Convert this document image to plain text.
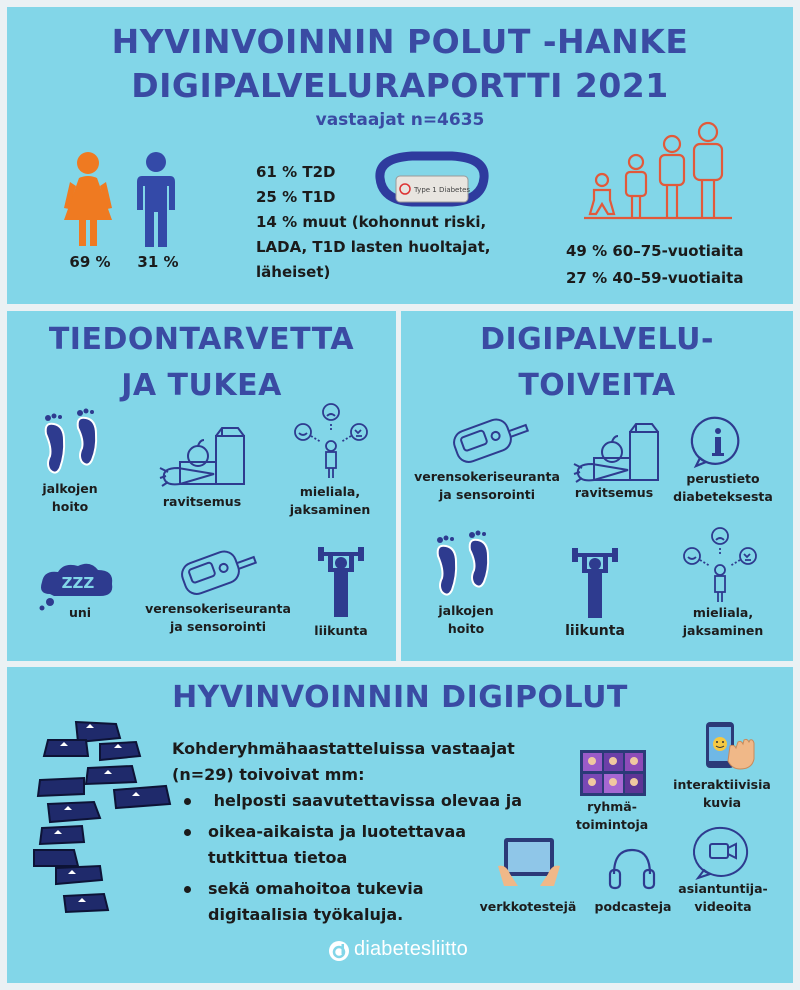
HYVINVOINNIN POLUT -HANKE
DIGIPALVELURAPORTTI 2021
vastaajat n=4635
69 %	31 %
61 % T2D
25 % T1D
14 % muut (kohonnut riski,
LADA, T1D lasten huoltajat,
läheiset)
Type 1 Diabetes
49 % 60–75-vuotiaita
27 % 40–59-vuotiaita
TIEDONTARVETTA
JA TUKEA
jalkojen
hoito	ravitsemus
mieliala,
jaksaminen
ZZZ
uni	verensokeriseuranta
ja sensorointi	liikunta
DIGIPALVELU-
TOIVEITA
verensokeriseuranta
ja sensorointi	ravitsemus
perustieto
diabeteksesta
jalkojen
hoito	liikunta
mieliala,
jaksaminen
HYVINVOINNIN DIGIPOLUT
Kohderyhmähaastatteluissa vastaajat
(n=29) toivoivat mm:
helposti saavutettavissa olevaa ja
oikea-aikaista ja luotettavaa
tutkittua tietoa
sekä omahoitoa tukevia
digitaalisia työkaluja.
ryhmä-
toimintoja
interaktiivisia
kuvia
verkkotestejä podcasteja
asiantuntija-
videoita
diabetesliitto
